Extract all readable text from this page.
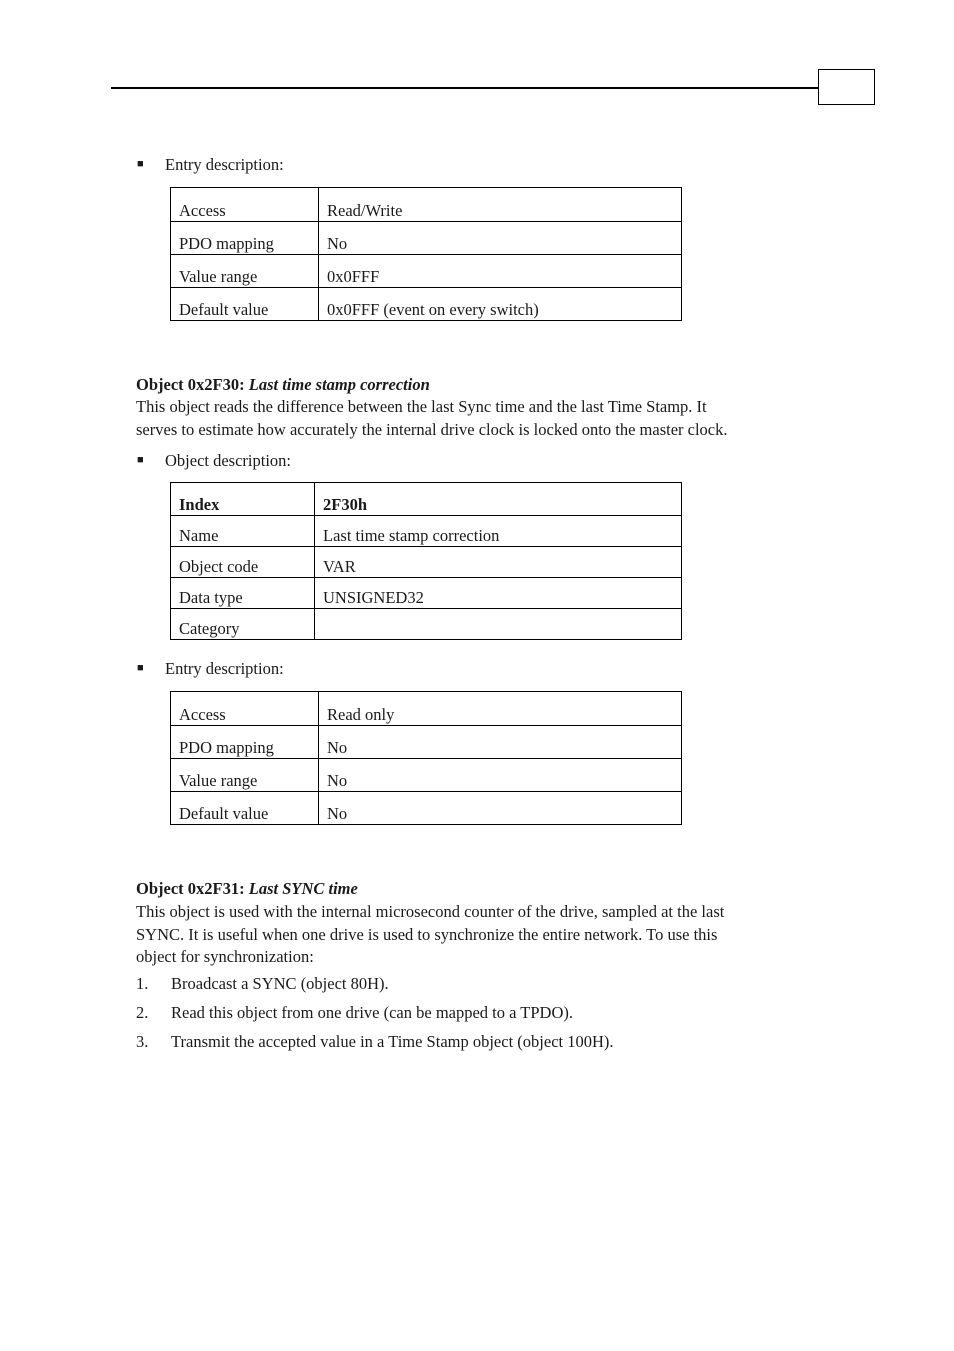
■ Entry description:
Access	Read/Write
PDO mapping	No
Value range	0x0FFF
Default value	0x0FFF (event on every switch)
Object 0x2F30: Last time stamp correction
This object reads the difference between the last Sync time and the last Time Stamp. It
serves to estimate how accurately the internal drive clock is locked onto the master clock.
■ Object description:
Index	2F30h
Name	Last time stamp correction
Object code	VAR
Data type	UNSIGNED32
Category	
■ Entry description:
Access	Read only
PDO mapping	No
Value range	No
Default value	No
Object 0x2F31: Last SYNC time
This object is used with the internal microsecond counter of the drive, sampled at the last
SYNC. It is useful when one drive is used to synchronize the entire network. To use this
object for synchronization:
1. Broadcast a SYNC (object 80H).
2. Read this object from one drive (can be mapped to a TPDO).
3. Transmit the accepted value in a Time Stamp object (object 100H).
